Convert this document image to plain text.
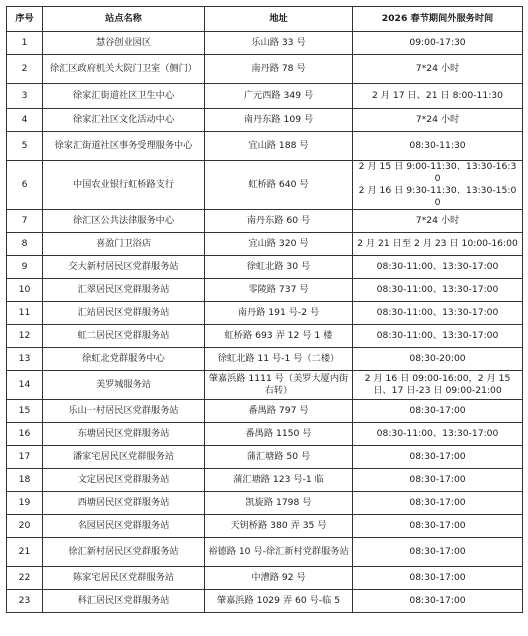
序号	站点名称	地址	2026 春节期间外服务时间
1	慧谷创业园区	乐山路 33 号	09:00-17:30
2	徐汇区政府机关大院门卫室（侧门）	南丹路 78 号	7*24 小时
3	徐家汇街道社区卫生中心	广元西路 349 号	2 月 17 日、21 日 8:00-11:30
4	徐家汇社区文化活动中心	南丹东路 109 号	7*24 小时
5	徐家汇街道社区事务受理服务中心	宜山路 188 号	08:30-11:30
6	中国农业银行虹桥路支行	虹桥路 640 号	2 月 15 日 9:00-11:30、13:30-16:30
2 月 16 日 9:30-11:30、13:30-15:00
7	徐汇区公共法律服务中心	南丹东路 60 号	7*24 小时
8	喜盈门卫浴店	宜山路 320 号	2 月 21 日至 2 月 23 日 10:00-16:00
9	交大新村居民区党群服务站	徐虹北路 30 号	08:30-11:00、13:30-17:00
10	汇翠居民区党群服务站	零陵路 737 号	08:30-11:00、13:30-17:00
11	汇站居民区党群服务站	南丹路 191 号-2 号	08:30-11:00、13:30-17:00
12	虹二居民区党群服务站	虹桥路 693 弄 12 号 1 楼	08:30-11:00、13:30-17:00
13	徐虹北党群服务中心	徐虹北路 11 号-1 号（二楼）	08:30-20:00
14	美罗城服务站	肇嘉浜路 1111 号（美罗大厦内街右转）	2 月 16 日 09:00-16:00，2 月 15 日、17 日-23 日 09:00-21:00
15	乐山一村居民区党群服务站	番禺路 797 号	08:30-17:00
16	东塘居民区党群服务站	番禺路 1150 号	08:30-11:00、13:30-17:00
17	潘家宅居民区党群服务站	蒲汇塘路 50 号	08:30-17:00
18	文定居民区党群服务站	蒲汇塘路 123 号-1 临	08:30-17:00
19	西塘居民区党群服务站	凯旋路 1798 号	08:30-17:00
20	名园居民区党群服务站	天钥桥路 380 弄 35 号	08:30-17:00
21	徐汇新村居民区党群服务站	裕德路 10 号-徐汇新村党群服务站	08:30-17:00
22	陈家宅居民区党群服务站	中漕路 92 号	08:30-17:00
23	科汇居民区党群服务站	肇嘉浜路 1029 弄 60 号-临 5	08:30-17:00
